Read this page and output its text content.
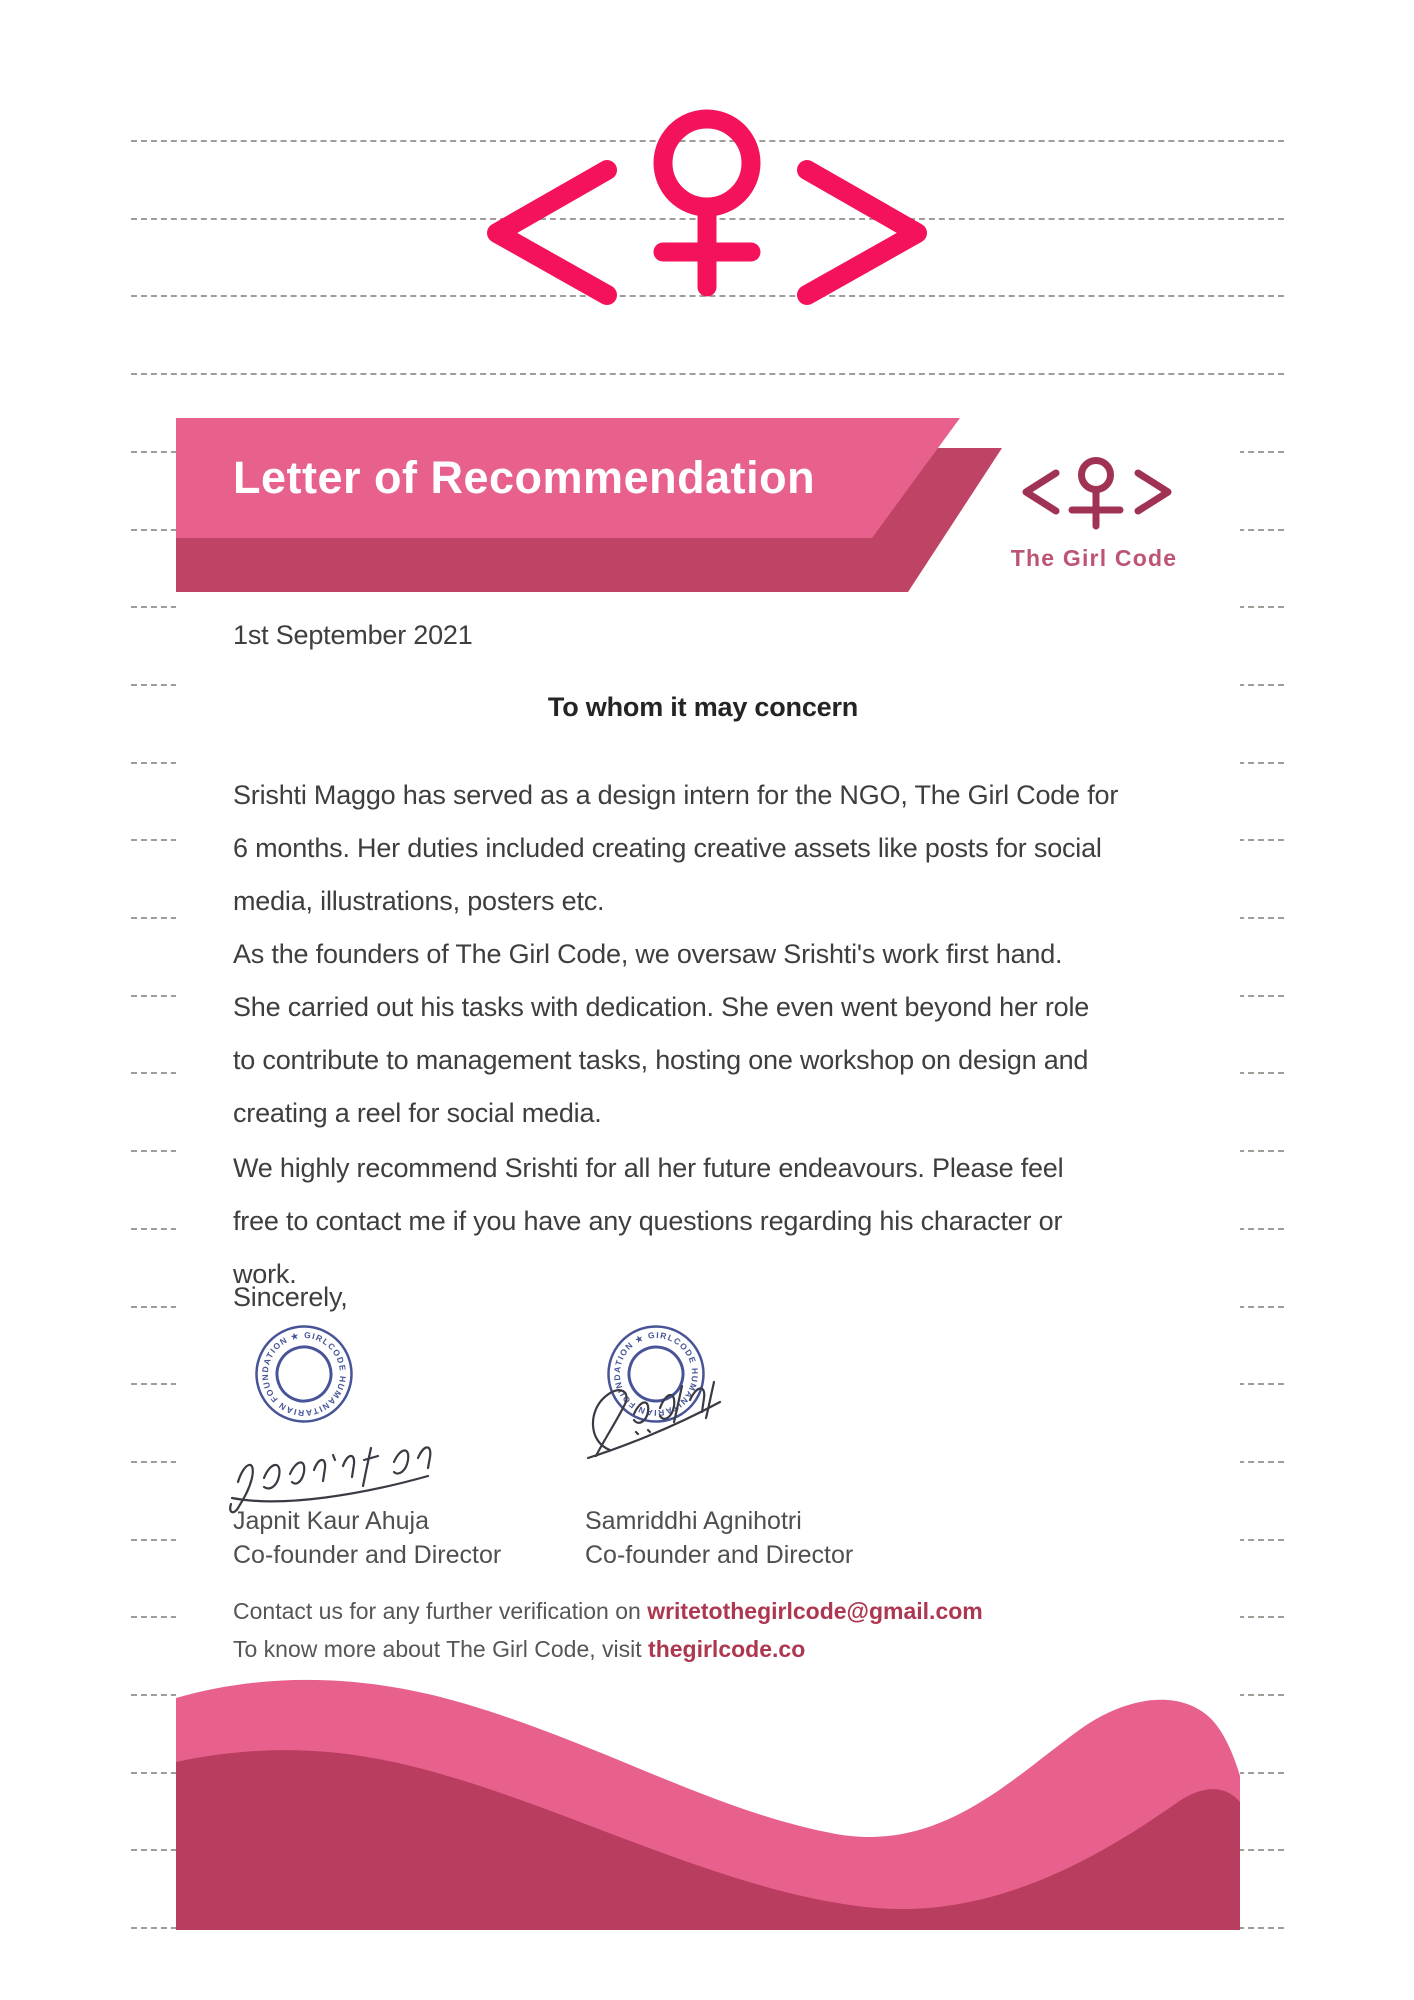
Letter of Recommendation
The Girl Code
1st September 2021
To whom it may concern
Srishti Maggo has served as a design intern for the NGO, The Girl Code for
6 months. Her duties included creating creative assets like posts for social
media, illustrations, posters etc.
As the founders of The Girl Code, we oversaw Srishti's work first hand.
She carried out his tasks with dedication. She even went beyond her role
to contribute to management tasks, hosting one workshop on design and
creating a reel for social media.
We highly recommend Srishti for all her future endeavours. Please feel
free to contact me if you have any questions regarding his character or
work.
Sincerely,
★ GIRLCODE HUMANITARIAN FOUNDATION	★ GIRLCODE HUMANITARIAN FOUNDATION
Japnit Kaur Ahuja
Co-founder and Director
Samriddhi Agnihotri
Co-founder and Director
Contact us for any further verification on writetothegirlcode@gmail.com
To know more about The Girl Code, visit thegirlcode.co
